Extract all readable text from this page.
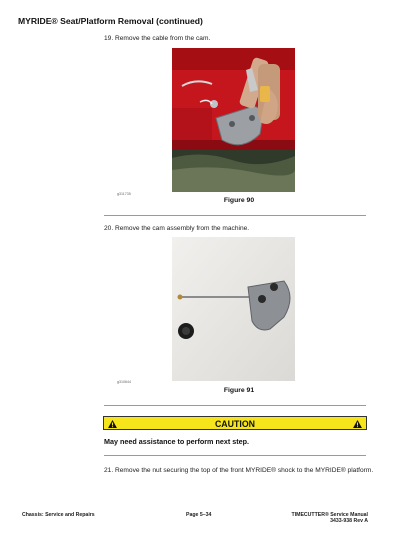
MYRIDE® Seat/Platform Removal (continued)
19. Remove the cable from the cam.
g311735
Figure 90
20. Remove the cam assembly from the machine.
g310644
Figure 91
CAUTION
May need assistance to perform next step.
21. Remove the nut securing the top of the front MYRIDE® shock to the MYRIDE® platform.
Chassis: Service and Repairs	Page 5–34	TIMECUTTER® Service Manual
3433-938 Rev A
